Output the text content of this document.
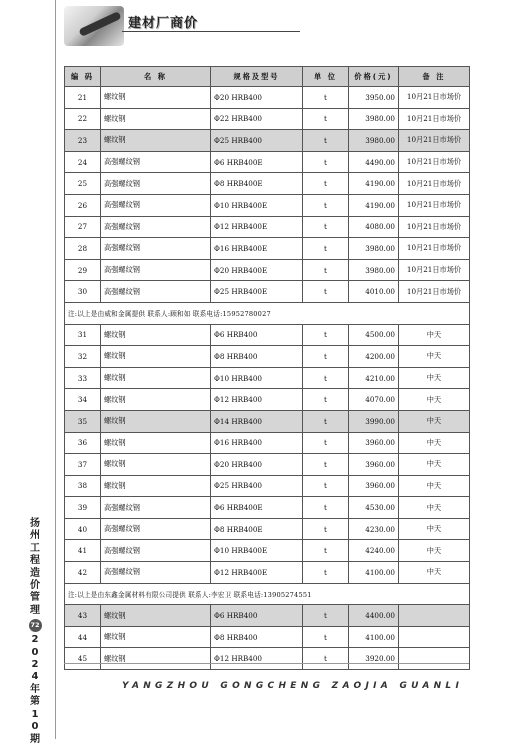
建材厂商价
编 码	名 称	规格及型号	单 位	价格(元)	备 注
21	螺纹钢	Φ20 HRB400	t	3950.00	10月21日市场价
22	螺纹钢	Φ22 HRB400	t	3980.00	10月21日市场价
23	螺纹钢	Φ25 HRB400	t	3980.00	10月21日市场价
24	高强螺纹钢	Φ6 HRB400E	t	4490.00	10月21日市场价
25	高强螺纹钢	Φ8 HRB400E	t	4190.00	10月21日市场价
26	高强螺纹钢	Φ10 HRB400E	t	4190.00	10月21日市场价
27	高强螺纹钢	Φ12 HRB400E	t	4080.00	10月21日市场价
28	高强螺纹钢	Φ16 HRB400E	t	3980.00	10月21日市场价
29	高强螺纹钢	Φ20 HRB400E	t	3980.00	10月21日市场价
30	高强螺纹钢	Φ25 HRB400E	t	4010.00	10月21日市场价
注:以上是由威和金属提供 联系人:顾和如 联系电话:15952780027					
31	螺纹钢	Φ6 HRB400	t	4500.00	中天
32	螺纹钢	Φ8 HRB400	t	4200.00	中天
33	螺纹钢	Φ10 HRB400	t	4210.00	中天
34	螺纹钢	Φ12 HRB400	t	4070.00	中天
35	螺纹钢	Φ14 HRB400	t	3990.00	中天
36	螺纹钢	Φ16 HRB400	t	3960.00	中天
37	螺纹钢	Φ20 HRB400	t	3960.00	中天
38	螺纹钢	Φ25 HRB400	t	3960.00	中天
39	高强螺纹钢	Φ6 HRB400E	t	4530.00	中天
40	高强螺纹钢	Φ8 HRB400E	t	4230.00	中天
41	高强螺纹钢	Φ10 HRB400E	t	4240.00	中天
42	高强螺纹钢	Φ12 HRB400E	t	4100.00	中天
注:以上是由东鑫金属材料有限公司提供 联系人:李宏卫 联系电话:13905274551					
43	螺纹钢	Φ6 HRB400	t	4400.00	
44	螺纹钢	Φ8 HRB400	t	4100.00	
45	螺纹钢	Φ12 HRB400	t	3920.00	
扬
州
工
程
造
价
管
理
72
2
0
2
4
年
第
1
0
期
YANGZHOU GONGCHENG ZAOJIA GUANLI
